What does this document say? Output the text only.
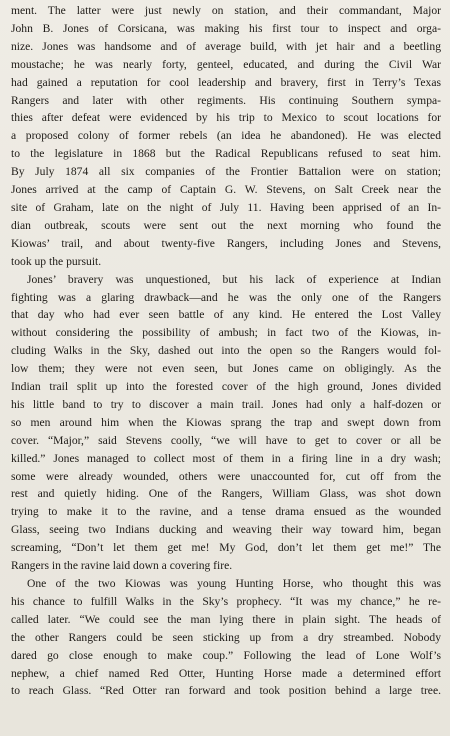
ment. The latter were just newly on station, and their commandant, Major
John B. Jones of Corsicana, was making his first tour to inspect and orga-
nize. Jones was handsome and of average build, with jet hair and a beetling
moustache; he was nearly forty, genteel, educated, and during the Civil War
had gained a reputation for cool leadership and bravery, first in Terry’s Texas
Rangers and later with other regiments. His continuing Southern sympa-
thies after defeat were evidenced by his trip to Mexico to scout locations for
a proposed colony of former rebels (an idea he abandoned). He was elected
to the legislature in 1868 but the Radical Republicans refused to seat him.
By July 1874 all six companies of the Frontier Battalion were on station;
Jones arrived at the camp of Captain G. W. Stevens, on Salt Creek near the
site of Graham, late on the night of July 11. Having been apprised of an In-
dian outbreak, scouts were sent out the next morning who found the
Kiowas’ trail, and about twenty-five Rangers, including Jones and Stevens,
took up the pursuit.
Jones’ bravery was unquestioned, but his lack of experience at Indian
fighting was a glaring drawback—and he was the only one of the Rangers
that day who had ever seen battle of any kind. He entered the Lost Valley
without considering the possibility of ambush; in fact two of the Kiowas, in-
cluding Walks in the Sky, dashed out into the open so the Rangers would fol-
low them; they were not even seen, but Jones came on obligingly. As the
Indian trail split up into the forested cover of the high ground, Jones divided
his little band to try to discover a main trail. Jones had only a half-dozen or
so men around him when the Kiowas sprang the trap and swept down from
cover. “Major,” said Stevens coolly, “we will have to get to cover or all be
killed.” Jones managed to collect most of them in a firing line in a dry wash;
some were already wounded, others were unaccounted for, cut off from the
rest and quietly hiding. One of the Rangers, William Glass, was shot down
trying to make it to the ravine, and a tense drama ensued as the wounded
Glass, seeing two Indians ducking and weaving their way toward him, began
screaming, “Don’t let them get me! My God, don’t let them get me!” The
Rangers in the ravine laid down a covering fire.
One of the two Kiowas was young Hunting Horse, who thought this was
his chance to fulfill Walks in the Sky’s prophecy. “It was my chance,” he re-
called later. “We could see the man lying there in plain sight. The heads of
the other Rangers could be seen sticking up from a dry streambed. Nobody
dared go close enough to make coup.” Following the lead of Lone Wolf’s
nephew, a chief named Red Otter, Hunting Horse made a determined effort
to reach Glass. “Red Otter ran forward and took position behind a large tree.
